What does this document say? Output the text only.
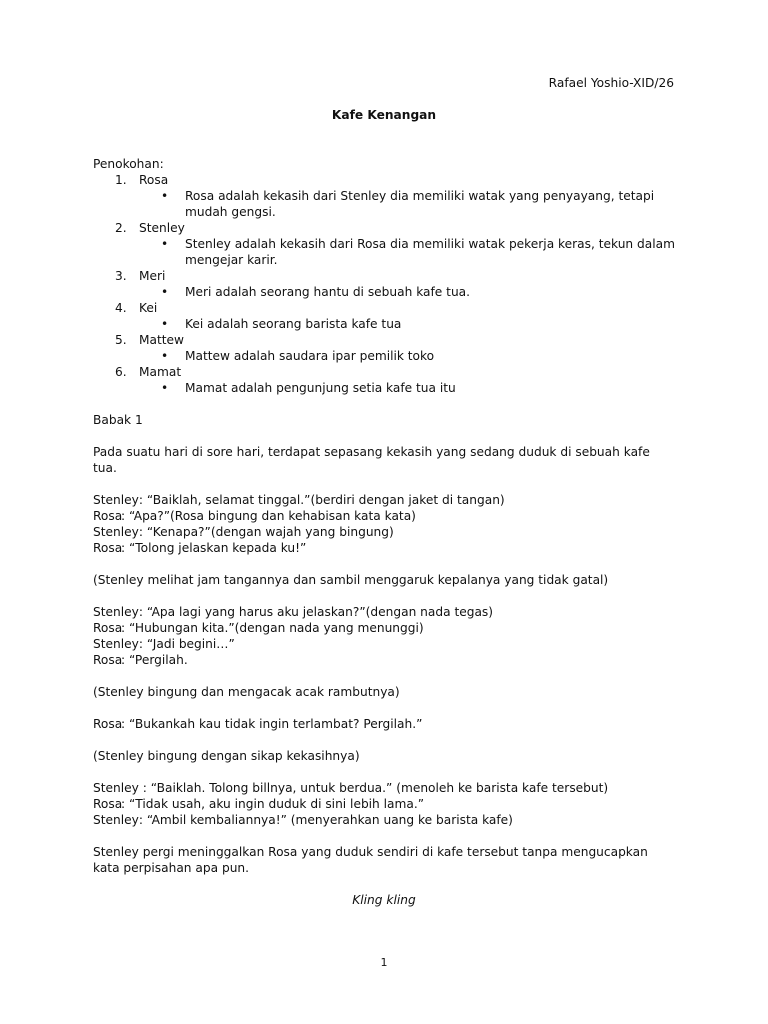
Rafael Yoshio-XID/26
Kafe Kenangan
Penokohan:
1. Rosa
• Rosa adalah kekasih dari Stenley dia memiliki watak yang penyayang, tetapi mudah gengsi.
2. Stenley
• Stenley adalah kekasih dari Rosa dia memiliki watak pekerja keras, tekun dalam mengejar karir.
3. Meri
• Meri adalah seorang hantu di sebuah kafe tua.
4. Kei
• Kei adalah seorang barista kafe tua
5. Mattew
• Mattew adalah saudara ipar pemilik toko
6. Mamat
• Mamat adalah pengunjung setia kafe tua itu
Babak 1
Pada suatu hari di sore hari, terdapat sepasang kekasih yang sedang duduk di sebuah kafe tua.
Stenley : “Baiklah, selamat tinggal.”(berdiri dengan jaket di tangan)
Rosa
: “Apa?”(Rosa bingung dan kehabisan kata kata)
Stenley : “Kenapa?”(dengan wajah yang bingung)
Rosa
: “Tolong jelaskan kepada ku!”
(Stenley melihat jam tangannya dan sambil menggaruk kepalanya yang tidak gatal)
Stenley : “Apa lagi yang harus aku jelaskan?”(dengan nada tegas)
Rosa
: “Hubungan kita.”(dengan nada yang menunggi)
Stenley : “Jadi begini…”
Rosa
: “Pergilah.
(Stenley bingung dan mengacak acak rambutnya)
Rosa
: “Bukankah kau tidak ingin terlambat? Pergilah.”
(Stenley bingung dengan sikap kekasihnya)
Stenley : “Baiklah. Tolong billnya, untuk berdua.” (menoleh ke barista kafe tersebut)
Rosa
: “Tidak usah, aku ingin duduk di sini lebih lama.”
Stenley : “Ambil kembaliannya!” (menyerahkan uang ke barista kafe)
Stenley pergi meninggalkan Rosa yang duduk sendiri di kafe tersebut tanpa mengucapkan kata perpisahan apa pun.
Kling kling
1
